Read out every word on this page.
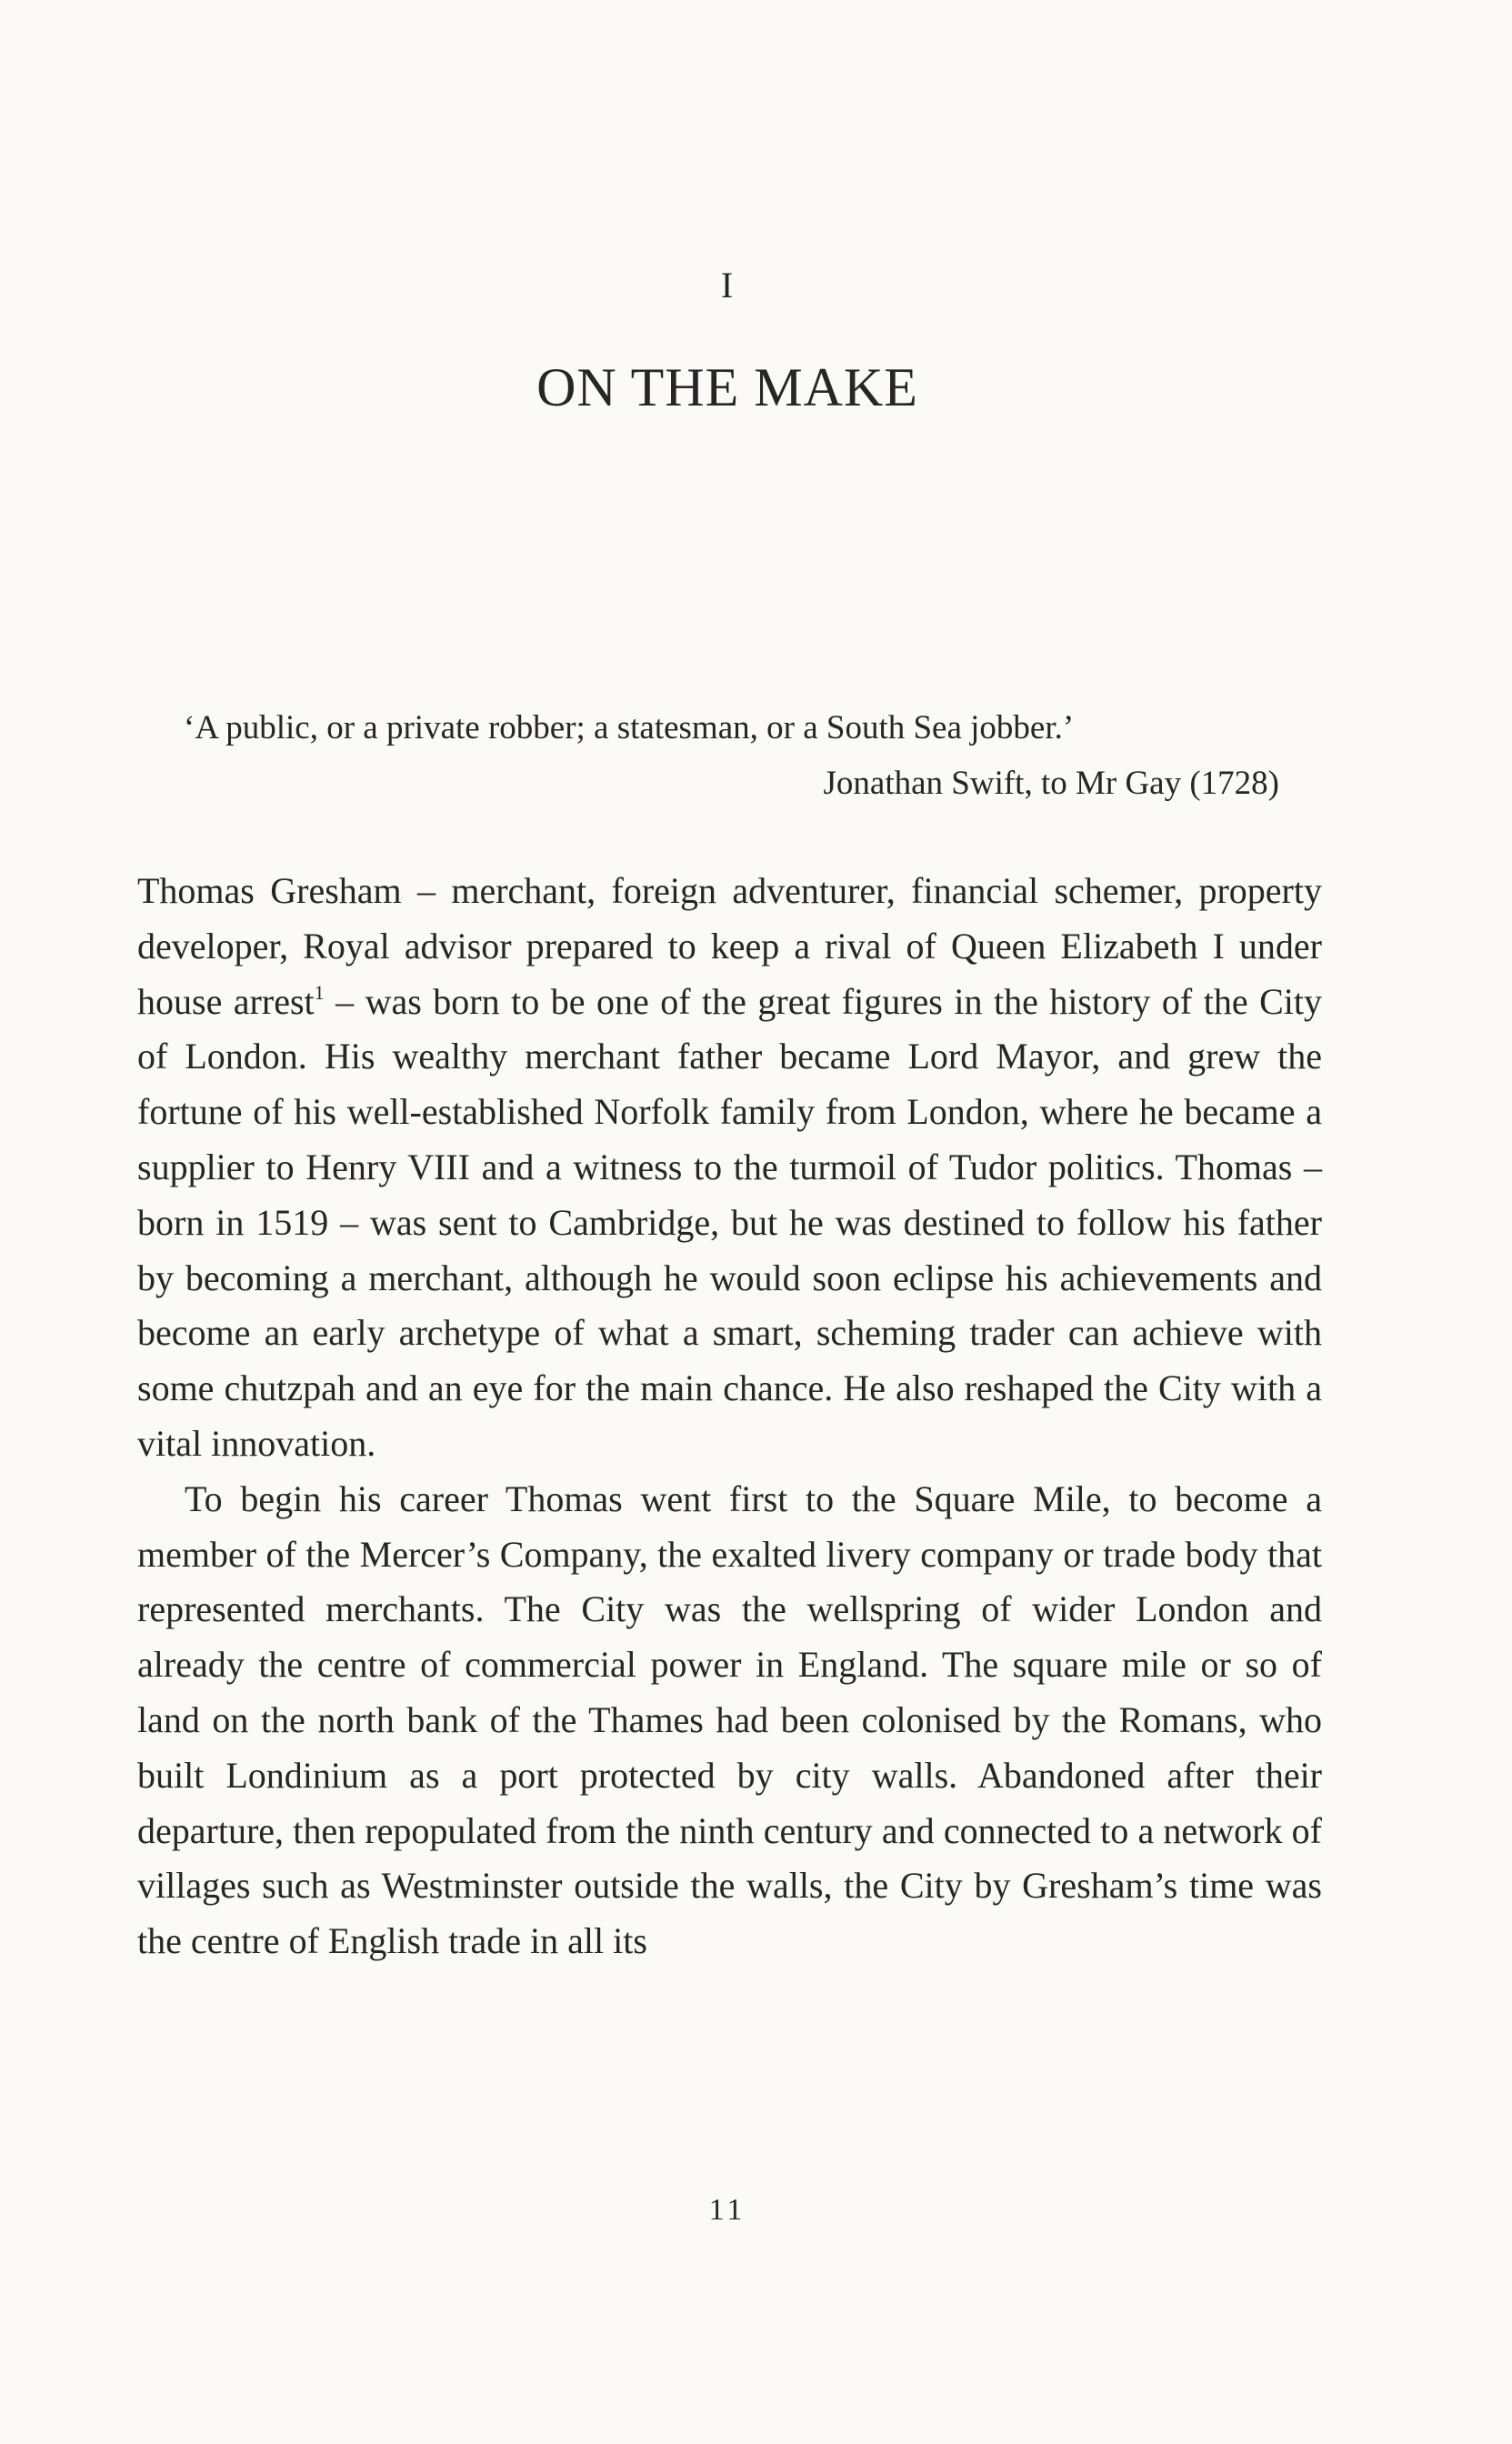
I
ON THE MAKE
‘A public, or a private robber; a statesman, or a South Sea jobber.’
Jonathan Swift, to Mr Gay (1728)

Thomas Gresham – merchant, foreign adventurer, financial schemer, property developer, Royal advisor prepared to keep a rival of Queen Elizabeth I under house arrest$^1$ – was born to be one of the great figures in the history of the City of London. His wealthy merchant father became Lord Mayor, and grew the fortune of his well-established Norfolk family from London, where he became a supplier to Henry VIII and a witness to the turmoil of Tudor politics. Thomas – born in 1519 – was sent to Cambridge, but he was destined to follow his father by becoming a merchant, although he would soon eclipse his achievements and become an early archetype of what a smart, scheming trader can achieve with some chutzpah and an eye for the main chance. He also reshaped the City with a vital innovation.

To begin his career Thomas went first to the Square Mile, to become a member of the Mercer’s Company, the exalted livery company or trade body that represented merchants. The City was the wellspring of wider London and already the centre of commercial power in England. The square mile or so of land on the north bank of the Thames had been colonised by the Romans, who built Londinium as a port protected by city walls. Abandoned after their departure, then repopulated from the ninth century and connected to a network of villages such as Westminster outside the walls, the City by Gresham’s time was the centre of English trade in all its

11
